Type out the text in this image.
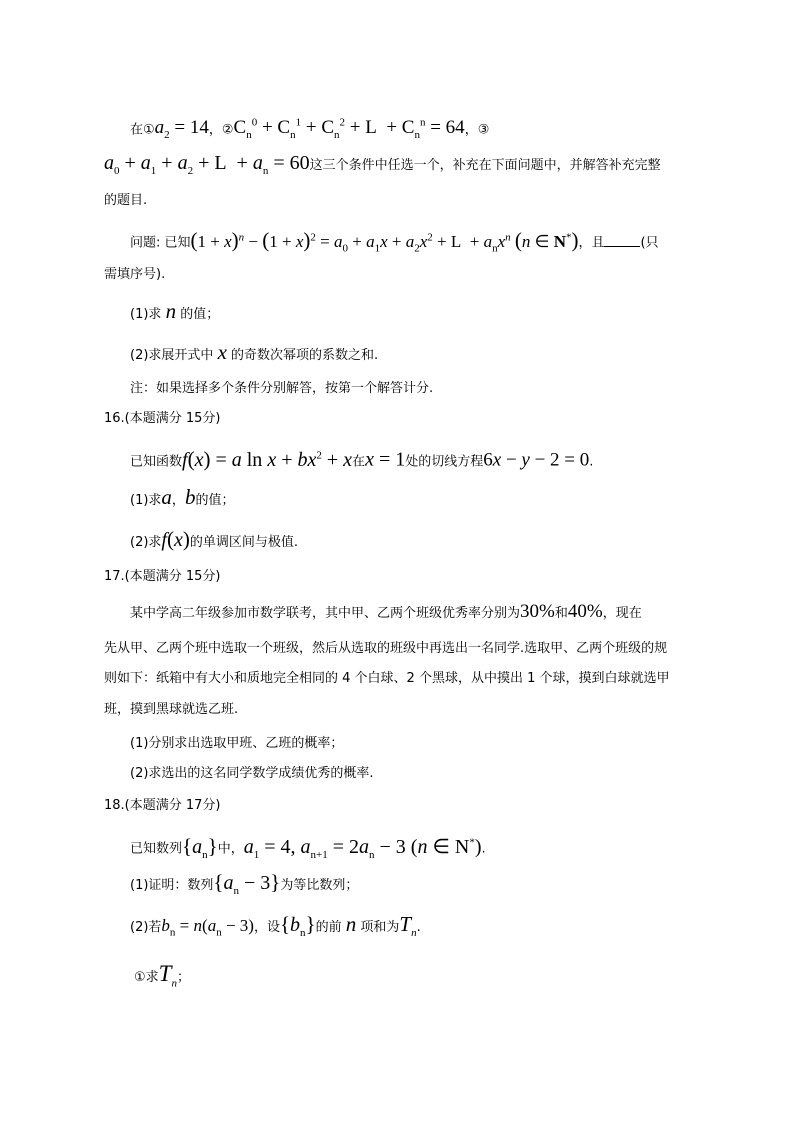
在$①a_2 = 14$，$②C_n^0 + C_n^1 + C_n^2 + L + C_n^n = 64$，③
$a_0 + a_1 + a_2 + L + a_n = 60$这三个条件中任选一个，补充在下面问题中，并解答补充完整
的题目.
问题: 已知$(1 + x)^n - (1 + x)^2 = a_0 + a_1x + a_2x^2 + L + a_nx^n$ (n ∈ N*)，且	(只
需填序号).
(1)求 n 的值；
(2)求展开式中 x 的奇数次幂项的系数之和.
注：如果选择多个条件分别解答，按第一个解答计分.
16.(本题满分 15分)
已知函数f(x) = a $\ln x + bx^2 + x$在x = 1处的切线方程6x − y − 2 = 0.
(1)求a，b的值；
(2)求f(x)的单调区间与极值.
17.(本题满分 15分)
某中学高二年级参加市数学联考，其中甲、乙两个班级优秀率分别为30%和40%，现在
先从甲、乙两个班中选取一个班级，然后从选取的班级中再选出一名同学.选取甲、乙两个班级的规
则如下：纸箱中有大小和质地完全相同的 4 个白球、2 个黑球，从中摸出 1 个球，摸到白球就选甲
班，摸到黑球就选乙班.
(1)分别求出选取甲班、乙班的概率；
(2)求选出的这名同学数学成绩优秀的概率.
18.(本题满分 17分)
已知数列$\{a_n\}$中，$a_1 = 4$, $a_{n+1} = 2a_n - 3$ (n ∈ N*).
(1)证明：数列$\{a_n - 3\}$为等比数列；
(2)若$b_n = n(a_n - 3)$，设$\{b_n\}$的前 n 项和为$T_n$.
①求$T_n$；
